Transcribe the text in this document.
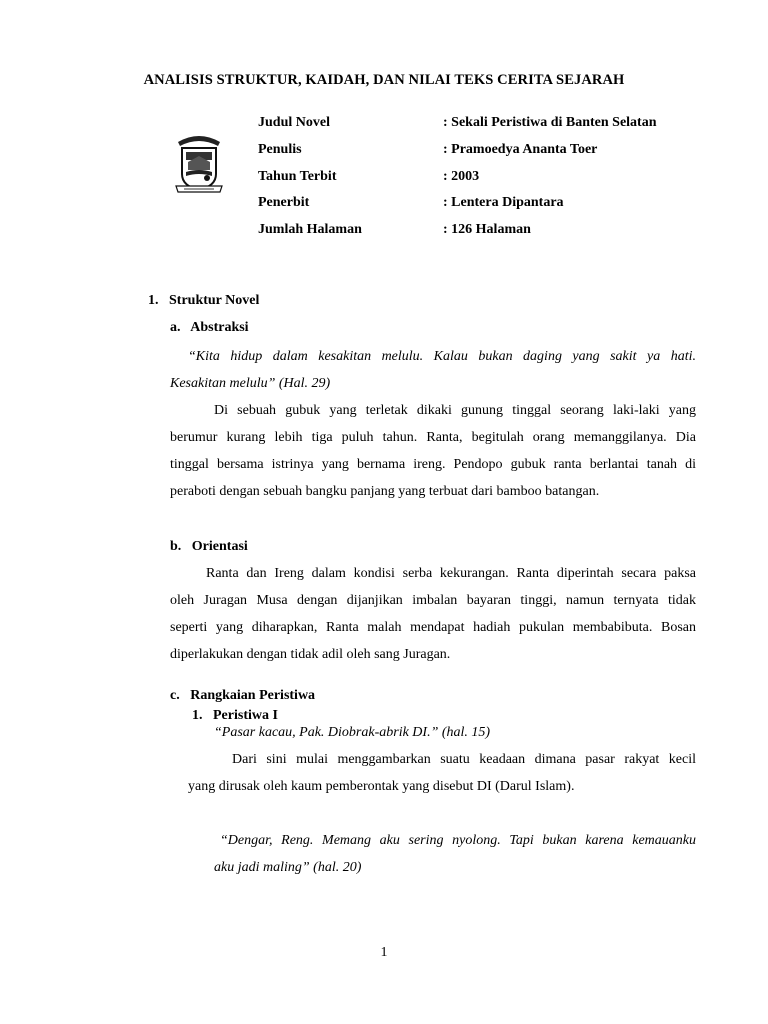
ANALISIS STRUKTUR, KAIDAH, DAN NILAI TEKS CERITA SEJARAH
Judul Novel	: Sekali Peristiwa di Banten Selatan
Penulis	: Pramoedya Ananta Toer
Tahun Terbit	: 2003
Penerbit	: Lentera Dipantara
Jumlah Halaman	: 126 Halaman
1.   Struktur Novel
a.   Abstraksi
“Kita hidup dalam kesakitan melulu. Kalau bukan daging yang sakit ya hati.
Kesakitan melulu” (Hal. 29)
Di sebuah gubuk yang terletak dikaki gunung tinggal seorang laki-laki yang
berumur kurang lebih tiga puluh tahun. Ranta, begitulah orang memanggilanya. Dia
tinggal bersama istrinya yang bernama ireng. Pendopo gubuk ranta berlantai tanah di
peraboti dengan sebuah bangku panjang yang terbuat dari bamboo batangan.
b.   Orientasi
Ranta dan Ireng dalam kondisi serba kekurangan. Ranta diperintah secara paksa
oleh Juragan Musa dengan dijanjikan imbalan bayaran tinggi, namun ternyata tidak
seperti yang diharapkan, Ranta malah mendapat hadiah pukulan membabibuta. Bosan
diperlakukan dengan tidak adil oleh sang Juragan.
c.   Rangkaian Peristiwa
1.   Peristiwa I
“Pasar kacau, Pak. Diobrak-abrik DI.” (hal. 15)
Dari sini mulai menggambarkan suatu keadaan dimana pasar rakyat kecil
yang dirusak oleh kaum pemberontak yang disebut DI (Darul Islam).
“Dengar, Reng. Memang aku sering nyolong. Tapi bukan karena kemauanku
aku jadi maling” (hal. 20)
1
